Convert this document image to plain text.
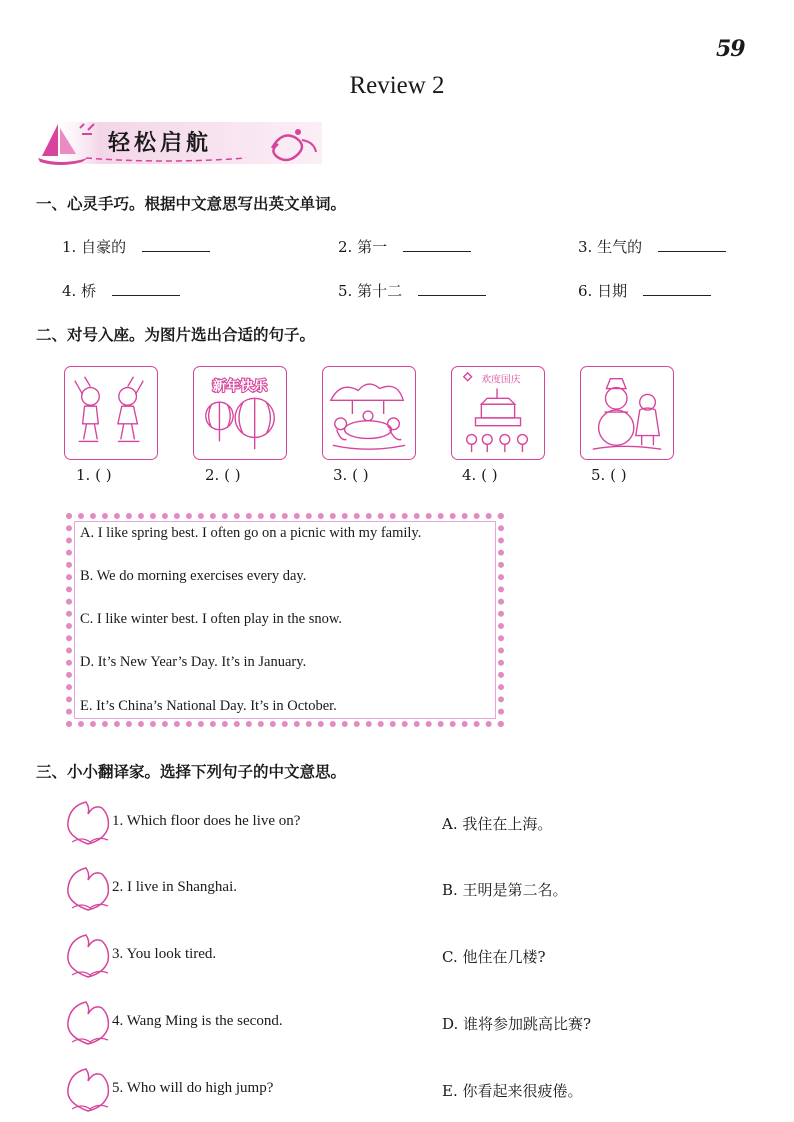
59
Review 2
轻松启航
一、心灵手巧。根据中文意思写出英文单词。
1. 自豪的	2. 第一	3. 生气的
4. 桥	5. 第十二	6. 日期
二、对号入座。为图片选出合适的句子。
新年快乐	欢度国庆
1. ( )	2. ( )	3. ( )	4. ( )	5. ( )
A. I like spring best. I often go on a picnic with my family.
B. We do morning exercises every day.
C. I like winter best. I often play in the snow.
D. It’s New Year’s Day. It’s in January.
E. It’s China’s National Day. It’s in October.
三、小小翻译家。选择下列句子的中文意思。
1. Which floor does he live on?
2. I live in Shanghai.
3. You look tired.
4. Wang Ming is the second.
5. Who will do high jump?
A. 我住在上海。
B. 王明是第二名。
C. 他住在几楼?
D. 谁将参加跳高比赛?
E. 你看起来很疲倦。
